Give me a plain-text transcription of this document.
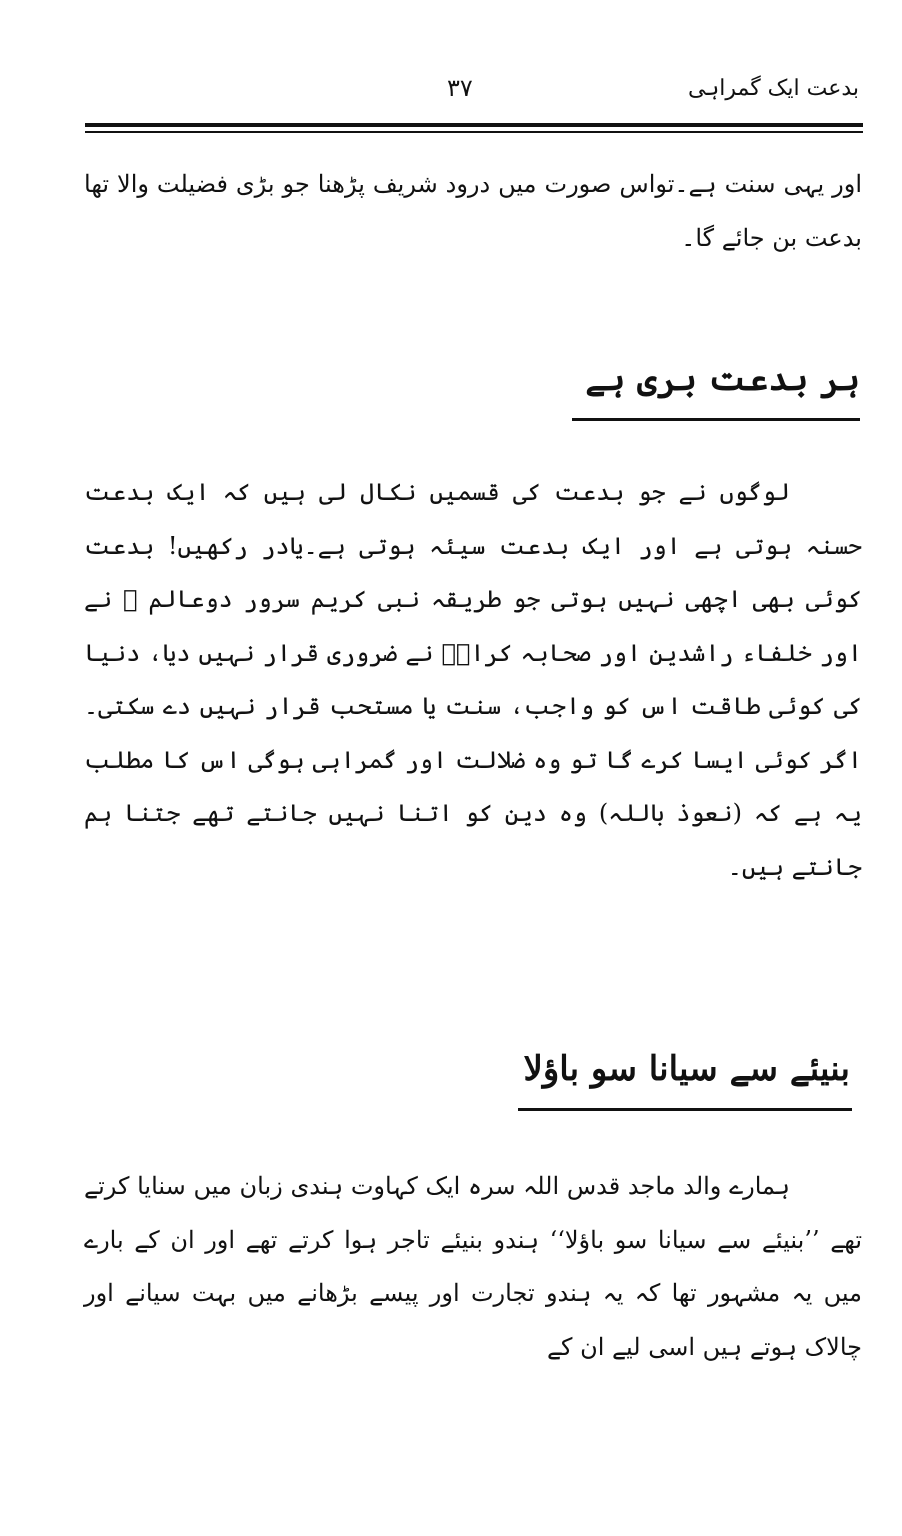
بدعت ایک گمراہی
۳۷

اور یہی سنت ہے۔تواس صورت میں درود شریف پڑھنا جو بڑی فضیلت والا تھا بدعت بن جائے گا۔

ہر بدعت بری ہے

لوگوں نے جو بدعت کی قسمیں نکال لی ہیں کہ ایک بدعت حسنہ ہوتی ہے اور ایک بدعت سیئہ ہوتی ہے۔یادر رکھیں! بدعت کوئی بھی اچھی نہیں ہوتی جو طریقہ نبی کریم سرور دوعالم ﷺ نے اور خلفاء راشدین اور صحابہ کرامؓ نے ضروری قرار نہیں دیا، دنیا کی کوئی طاقت اس کو واجب، سنت یا مستحب قرار نہیں دے سکتی۔ اگر کوئی ایسا کرے گا تو وہ ضلالت اور گمراہی ہوگی اس کا مطلب یہ ہے کہ (نعوذ باللہ) وہ دین کو اتنا نہیں جانتے تھے جتنا ہم جانتے ہیں۔

بنیئے سے سیانا سو باؤلا

ہمارے والد ماجد قدس اللہ سرہ ایک کہاوت ہندی زبان میں سنایا کرتے تھے ’’بنیئے سے سیانا سو باؤلا‘‘ ہندو بنیئے تاجر ہوا کرتے تھے اور ان کے بارے میں یہ مشہور تھا کہ یہ ہندو تجارت اور پیسے بڑھانے میں بہت سیانے اور چالاک ہوتے ہیں اسی لیے ان کے
